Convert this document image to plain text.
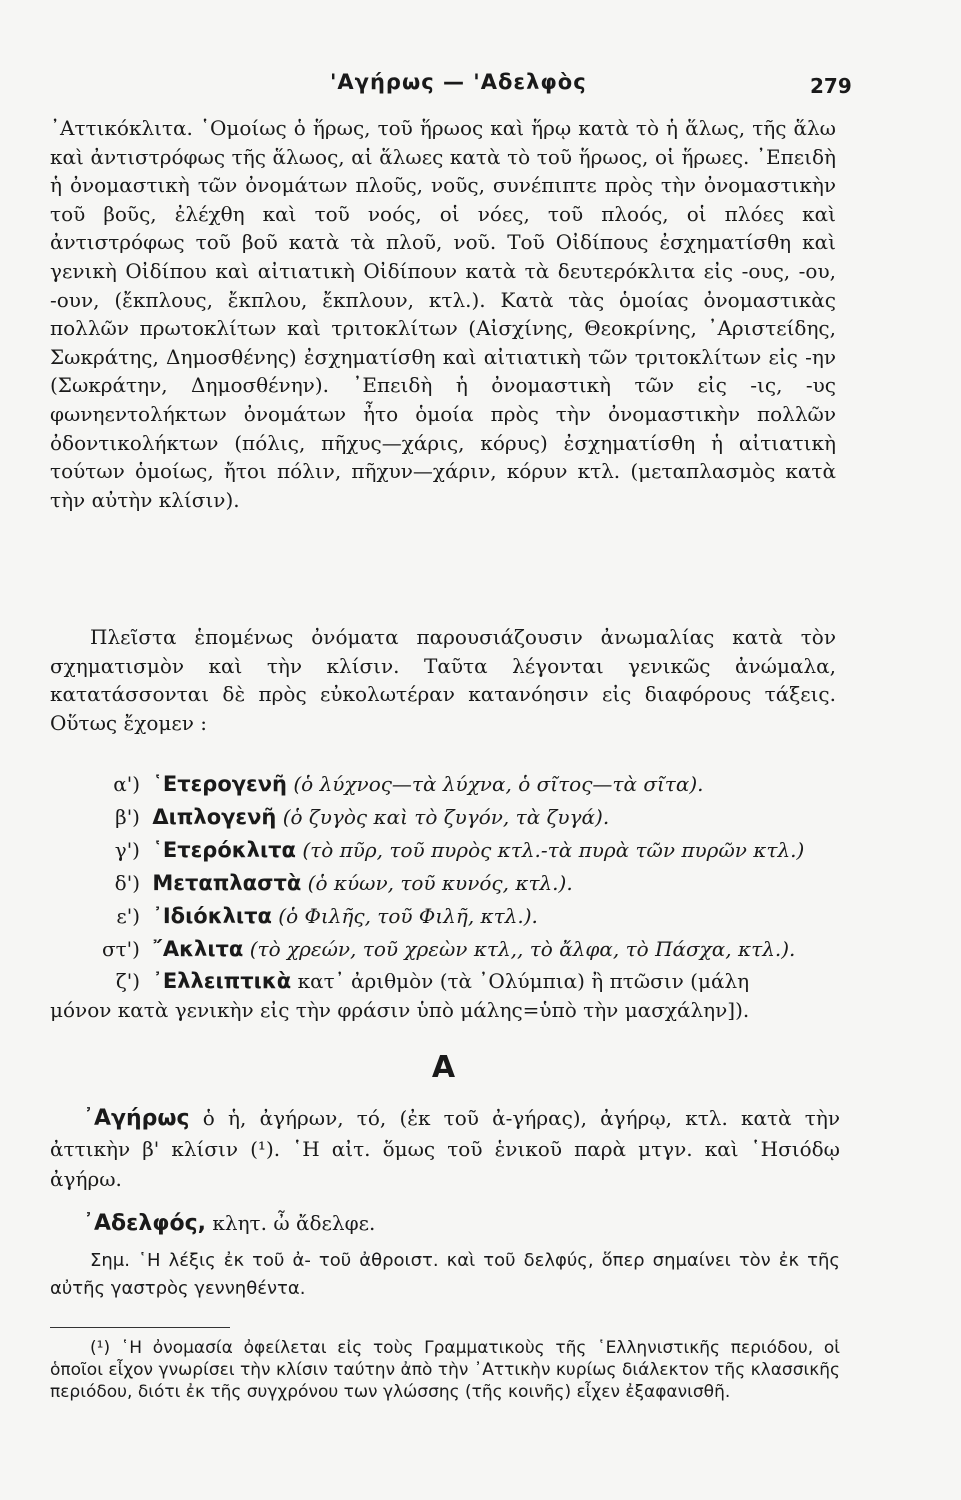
'Αγήρως — 'Αδελφὸς	279
᾿Αττικόκλιτα. ῾Ομοίως ὁ ἥρως, τοῦ ἥρωος καὶ ἥρῳ κατὰ τὸ ἡ ἅλως, τῆς ἅλω καὶ ἀντιστρόφως τῆς ἅλωος, αἱ ἅλωες κατὰ τὸ τοῦ ἥρωος, οἱ ἥρωες. ᾿Επειδὴ ἡ ὀνομαστικὴ τῶν ὀνομάτων πλοῦς, νοῦς, συνέπιπτε πρὸς τὴν ὀνομαστικὴν τοῦ βοῦς, ἐλέχθη καὶ τοῦ νοός, οἱ νόες, τοῦ πλοός, οἱ πλόες καὶ ἀντιστρόφως τοῦ βοῦ κατὰ τὰ πλοῦ, νοῦ. Τοῦ Οἰδίπους ἐσχηματίσθη καὶ γενικὴ Οἰδίπου καὶ αἰτιατικὴ Οἰδίπουν κατὰ τὰ δευτερόκλιτα εἰς -ους, -ου, -ουν, (ἔκπλους, ἔκπλου, ἔκπλουν, κτλ.). Κατὰ τὰς ὁμοίας ὀνομαστικὰς πολλῶν πρωτοκλίτων καὶ τριτοκλίτων (Αἰσχίνης, Θεοκρίνης, ᾿Αριστείδης, Σωκράτης, Δημοσθένης) ἐσχηματίσθη καὶ αἰτιατικὴ τῶν τριτοκλίτων εἰς -ην (Σωκράτην, Δημοσθένην). ᾿Επειδὴ ἡ ὀνομαστικὴ τῶν εἰς -ις, -υς φωνηεντολήκτων ὀνομάτων ἦτο ὁμοία πρὸς τὴν ὀνομαστικὴν πολλῶν ὀδοντικολήκτων (πόλις, πῆχυς—χάρις, κόρυς) ἐσχηματίσθη ἡ αἰτιατικὴ τούτων ὁμοίως, ἤτοι πόλιν, πῆχυν—χάριν, κόρυν κτλ. (μεταπλασμὸς κατὰ τὴν αὐτὴν κλίσιν).
Πλεῖστα ἑπομένως ὀνόματα παρουσιάζουσιν ἀνωμαλίας κατὰ τὸν σχηματισμὸν καὶ τὴν κλίσιν. Ταῦτα λέγονται γενικῶς ἀνώμαλα, κατατάσσονται δὲ πρὸς εὐκολωτέραν κατανόησιν εἰς διαφόρους τάξεις. Οὕτως ἔχομεν :
α') ῾Ετερογενῆ (ὁ λύχνος—τὰ λύχνα, ὁ σῖτος—τὰ σῖτα).
β') Διπλογενῆ (ὁ ζυγὸς καὶ τὸ ζυγόν, τὰ ζυγά).
γ') ῾Ετερόκλιτα (τὸ πῦρ, τοῦ πυρὸς κτλ.-τὰ πυρὰ τῶν πυρῶν κτλ.)
δ') Μεταπλαστὰ (ὁ κύων, τοῦ κυνός, κτλ.).
ε') ᾿Ιδιόκλιτα (ὁ Φιλῆς, τοῦ Φιλῆ, κτλ.).
στ') ῎Ακλιτα (τὸ χρεών, τοῦ χρεὼν κτλ,, τὸ ἄλφα, τὸ Πάσχα, κτλ.).
ζ') ᾿Ελλειπτικὰ κατ᾿ ἀριθμὸν (τὰ ᾿Ολύμπια) ἢ πτῶσιν (μάλη
μόνον κατὰ γενικὴν εἰς τὴν φράσιν ὑπὸ μάλης=ὑπὸ τὴν μασχάλην]).
Α
᾿Αγήρως ὁ ἡ, ἀγήρων, τό, (ἐκ τοῦ ἀ-γήρας), ἀγήρῳ, κτλ. κατὰ τὴν ἀττικὴν β' κλίσιν (¹). ῾Η αἰτ. ὅμως τοῦ ἑνικοῦ παρὰ μτγν. καὶ ῾Ησιόδῳ ἀγήρω.
᾿Αδελφός, κλητ. ὦ ἄδελφε.
Σημ. ῾Η λέξις ἐκ τοῦ ἀ- τοῦ ἀθροιστ. καὶ τοῦ δελφύς, ὅπερ σημαίνει τὸν ἐκ τῆς αὐτῆς γαστρὸς γεννηθέντα.
(¹) ῾Η ὀνομασία ὀφείλεται εἰς τοὺς Γραμματικοὺς τῆς ῾Ελληνιστικῆς περιόδου, οἱ ὁποῖοι εἶχον γνωρίσει τὴν κλίσιν ταύτην ἀπὸ τὴν ᾿Αττικὴν κυρίως διάλεκτον τῆς κλασσικῆς περιόδου, διότι ἐκ τῆς συγχρόνου των γλώσσης (τῆς κοινῆς) εἶχεν ἐξαφανισθῆ.
